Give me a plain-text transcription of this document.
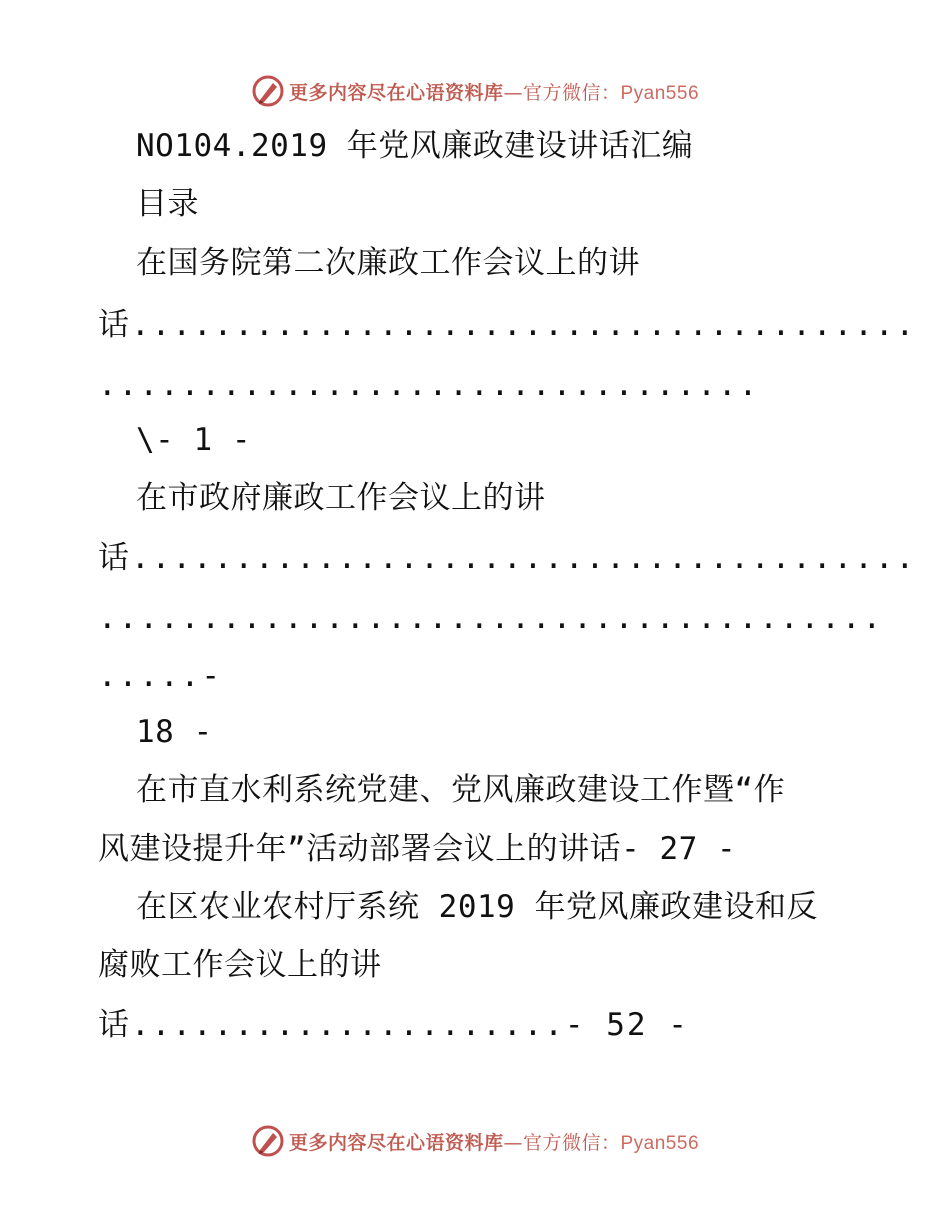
更多内容尽在心语资料库—官方微信：Pyan556
NO104.2019 年党风廉政建设讲话汇编
目录
在国务院第二次廉政工作会议上的讲
话......................................
................................
\- 1 -
在市政府廉政工作会议上的讲
话......................................
......................................
.....-
18 -
在市直水利系统党建、党风廉政建设工作暨“作
风建设提升年”活动部署会议上的讲话- 27 -
在区农业农村厅系统 2019 年党风廉政建设和反
腐败工作会议上的讲
话.....................- 52 -
更多内容尽在心语资料库—官方微信：Pyan556
